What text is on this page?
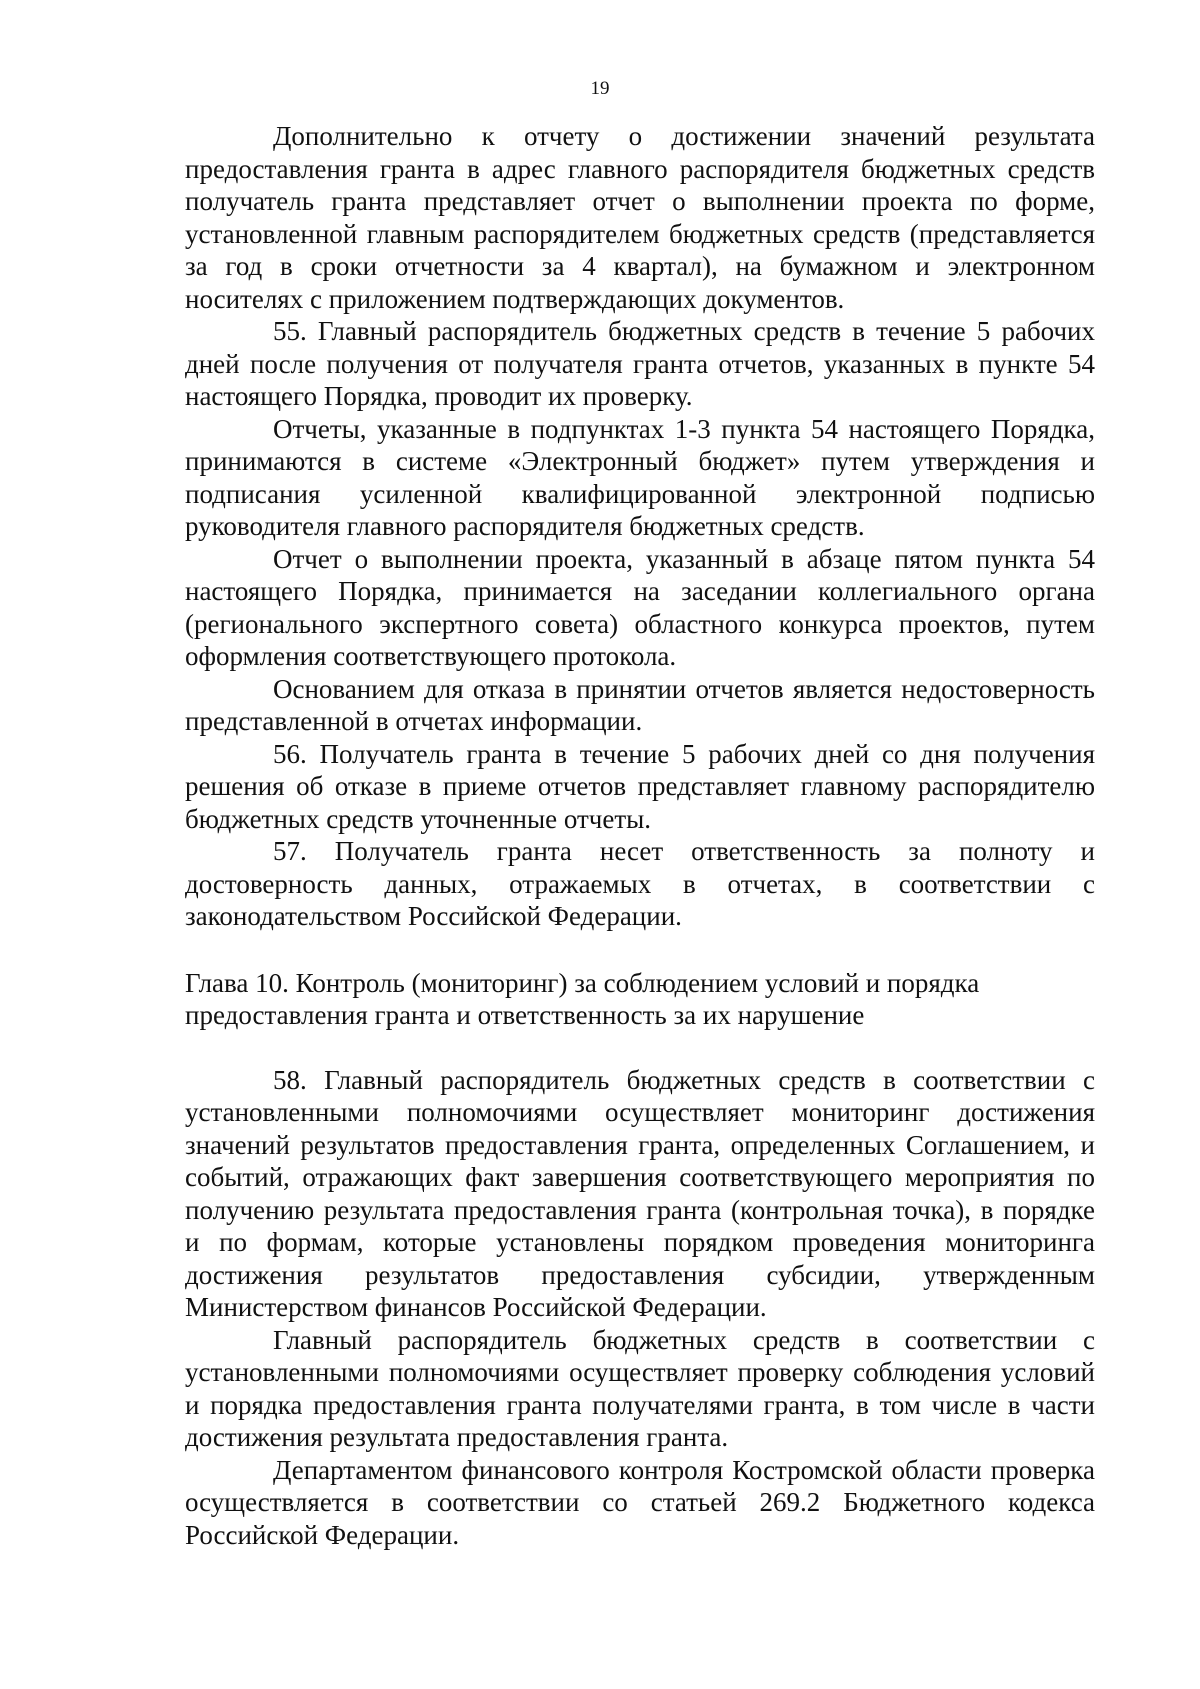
19

Дополнительно к отчету о достижении значений результата предоставления гранта в адрес главного распорядителя бюджетных средств получатель гранта представляет отчет о выполнении проекта по форме, установленной главным распорядителем бюджетных средств (представляется за год в сроки отчетности за 4 квартал), на бумажном и электронном носителях с приложением подтверждающих документов.

55. Главный распорядитель бюджетных средств в течение 5 рабочих дней после получения от получателя гранта отчетов, указанных в пункте 54 настоящего Порядка, проводит их проверку.

Отчеты, указанные в подпунктах 1-3 пункта 54 настоящего Порядка, принимаются в системе «Электронный бюджет» путем утверждения и подписания усиленной квалифицированной электронной подписью руководителя главного распорядителя бюджетных средств.

Отчет о выполнении проекта, указанный в абзаце пятом пункта 54 настоящего Порядка, принимается на заседании коллегиального органа (регионального экспертного совета) областного конкурса проектов, путем оформления соответствующего протокола.

Основанием для отказа в принятии отчетов является недостоверность представленной в отчетах информации.

56. Получатель гранта в течение 5 рабочих дней со дня получения решения об отказе в приеме отчетов представляет главному распорядителю бюджетных средств уточненные отчеты.

57. Получатель гранта несет ответственность за полноту и достоверность данных, отражаемых в отчетах, в соответствии с законодательством Российской Федерации.

Глава 10. Контроль (мониторинг) за соблюдением условий и порядка

предоставления гранта и ответственность за их нарушение

58. Главный распорядитель бюджетных средств в соответствии с установленными полномочиями осуществляет мониторинг достижения значений результатов предоставления гранта, определенных Соглашением, и событий, отражающих факт завершения соответствующего мероприятия по получению результата предоставления гранта (контрольная точка), в порядке и по формам, которые установлены порядком проведения мониторинга достижения результатов предоставления субсидии, утвержденным Министерством финансов Российской Федерации.

Главный распорядитель бюджетных средств в соответствии с установленными полномочиями осуществляет проверку соблюдения условий и порядка предоставления гранта получателями гранта, в том числе в части достижения результата предоставления гранта.

Департаментом финансового контроля Костромской области проверка осуществляется в соответствии со статьей 269.2 Бюджетного кодекса Российской Федерации.
